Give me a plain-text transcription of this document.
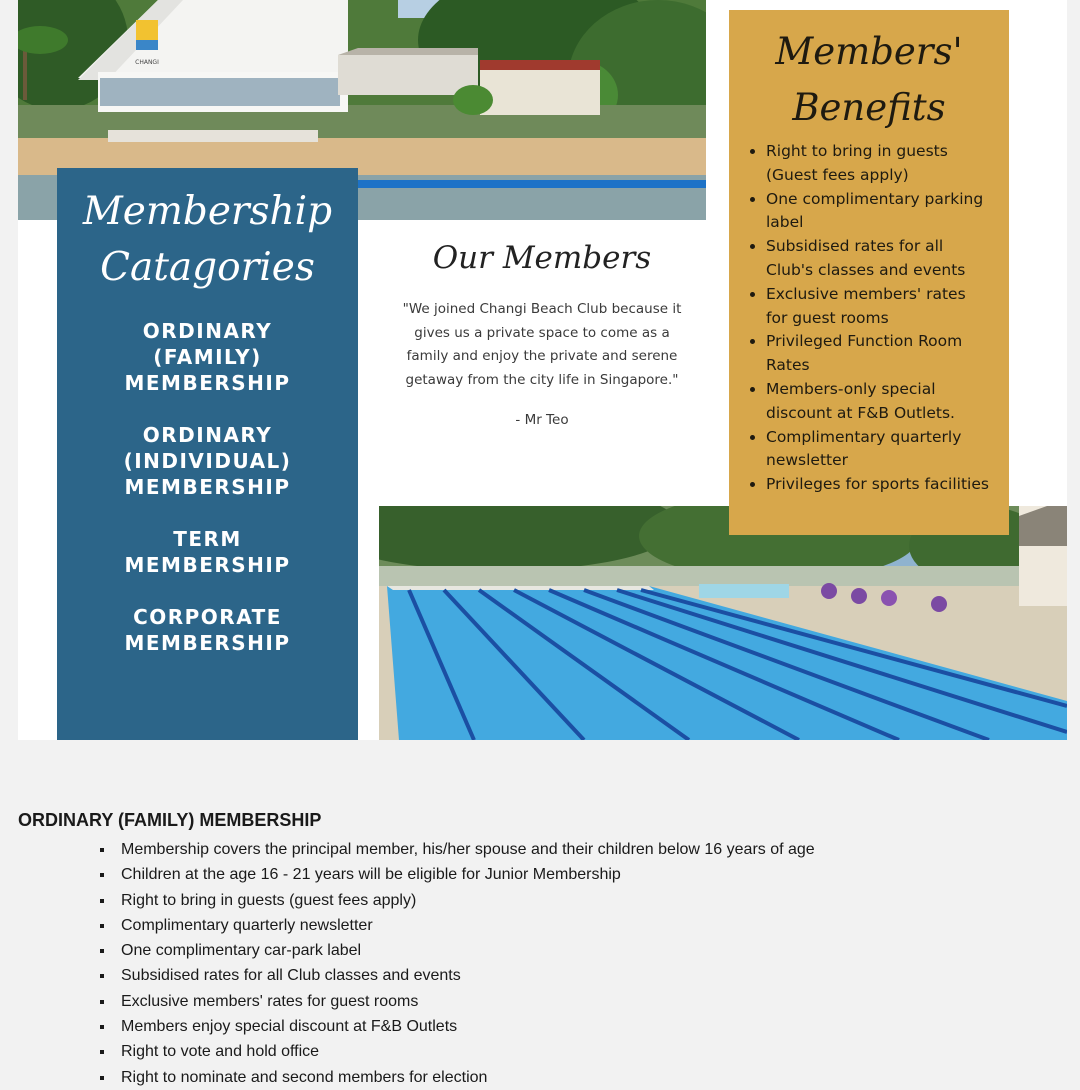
CHANGI
Membership Catagories
ORDINARY
(FAMILY)
MEMBERSHIP
ORDINARY
(INDIVIDUAL)
MEMBERSHIP
TERM
MEMBERSHIP
CORPORATE
MEMBERSHIP
Our Members
"We joined Changi Beach Club because it gives us a private space to come as a family and enjoy the private and serene getaway from the city life in Singapore."
- Mr Teo
Members' Benefits
• Right to bring in guests (Guest fees apply)
• One complimentary parking label
• Subsidised rates for all Club's classes and events
• Exclusive members' rates for guest rooms
• Privileged Function Room Rates
• Members-only special discount at F&B Outlets.
• Complimentary quarterly newsletter
• Privileges for sports facilities
ORDINARY (FAMILY) MEMBERSHIP
▪ Membership covers the principal member, his/her spouse and their children below 16 years of age
▪ Children at the age 16 - 21 years will be eligible for Junior Membership
▪ Right to bring in guests (guest fees apply)
▪ Complimentary quarterly newsletter
▪ One complimentary car-park label
▪ Subsidised rates for all Club classes and events
▪ Exclusive members' rates for guest rooms
▪ Members enjoy special discount at F&B Outlets
▪ Right to vote and hold office
▪ Right to nominate and second members for election
